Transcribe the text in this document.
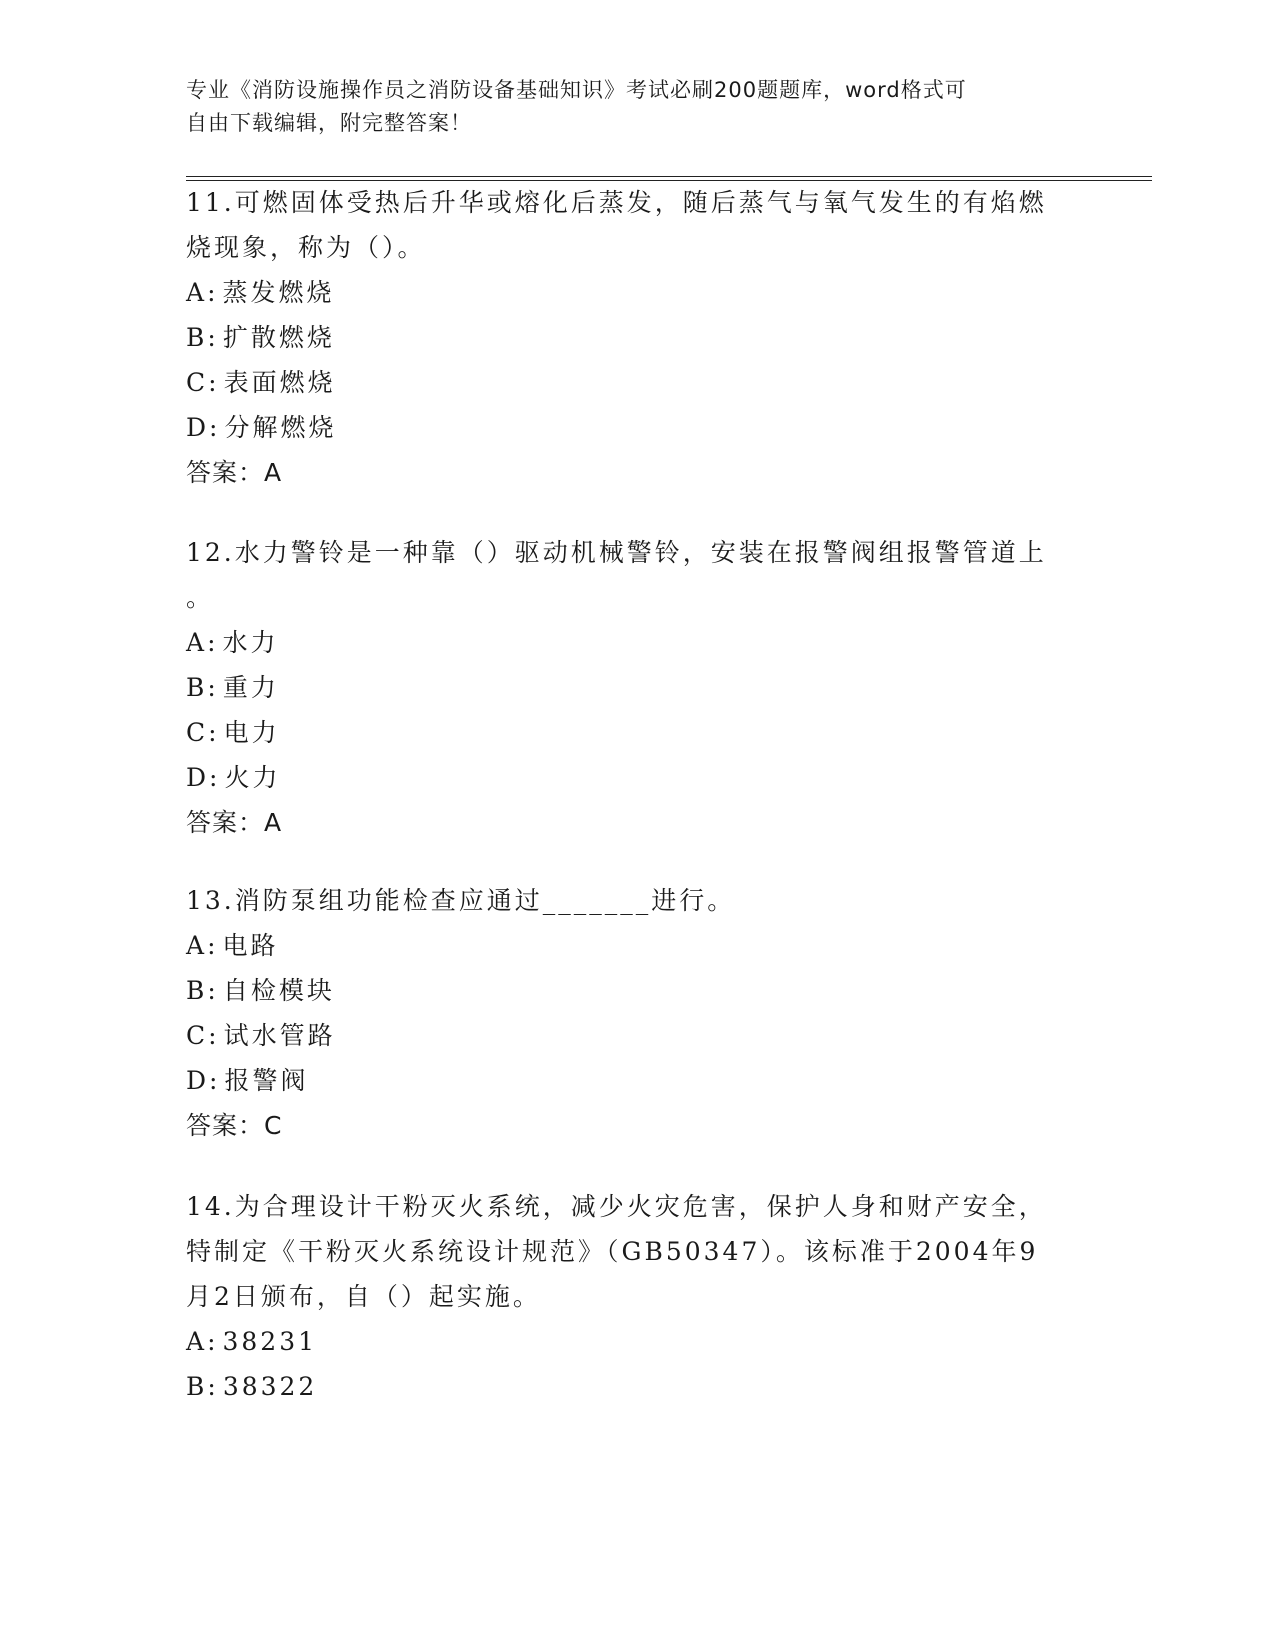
专业《消防设施操作员之消防设备基础知识》考试必刷200题题库，word格式可
自由下载编辑，附完整答案！
11.可燃固体受热后升华或熔化后蒸发，随后蒸气与氧气发生的有焰燃
烧现象，称为（）。
A: 蒸发燃烧
B: 扩散燃烧
C: 表面燃烧
D: 分解燃烧
答案：A
12.水力警铃是一种靠（）驱动机械警铃，安装在报警阀组报警管道上
。
A: 水力
B: 重力
C: 电力
D: 火力
答案：A
13.消防泵组功能检查应通过_______进行。
A: 电路
B: 自检模块
C: 试水管路
D: 报警阀
答案：C
14.为合理设计干粉灭火系统，减少火灾危害，保护人身和财产安全，
特制定《干粉灭火系统设计规范》（GB50347）。该标准于2004年9
月2日颁布，自（）起实施。
A: 38231
B: 38322
